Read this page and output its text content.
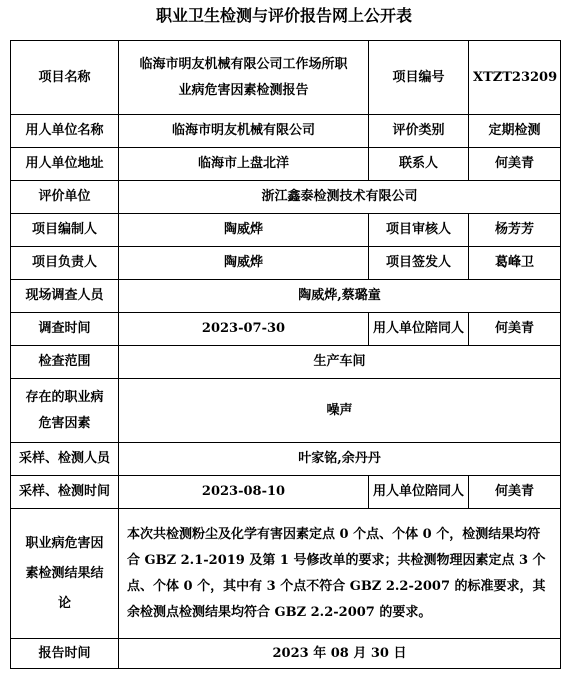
职业卫生检测与评价报告网上公开表
项目名称	临海市明友机械有限公司工作场所职业病危害因素检测报告	项目编号	XTZT23209
用人单位名称	临海市明友机械有限公司	评价类别	定期检测
用人单位地址	临海市上盘北洋	联系人	何美青
评价单位	浙江鑫泰检测技术有限公司		
项目编制人	陶威烨	项目审核人	杨芳芳
项目负责人	陶威烨	项目签发人	葛峰卫
现场调查人员	陶威烨,蔡璐童		
调查时间	2023-07-30	用人单位陪同人	何美青
检查范围	生产车间		
存在的职业病危害因素	噪声		
采样、检测人员	叶家铭,余丹丹		
采样、检测时间	2023-08-10	用人单位陪同人	何美青
职业病危害因素检测结果结论	本次共检测粉尘及化学有害因素定点 0 个点、个体 0 个，检测结果均符合 GBZ 2.1-2019 及第 1 号修改单的要求；共检测物理因素定点 3 个点、个体 0 个，其中有 3 个点不符合 GBZ 2.2-2007 的标准要求，其余检测点检测结果均符合 GBZ 2.2-2007 的要求。		
报告时间	2023 年 08 月 30 日		
